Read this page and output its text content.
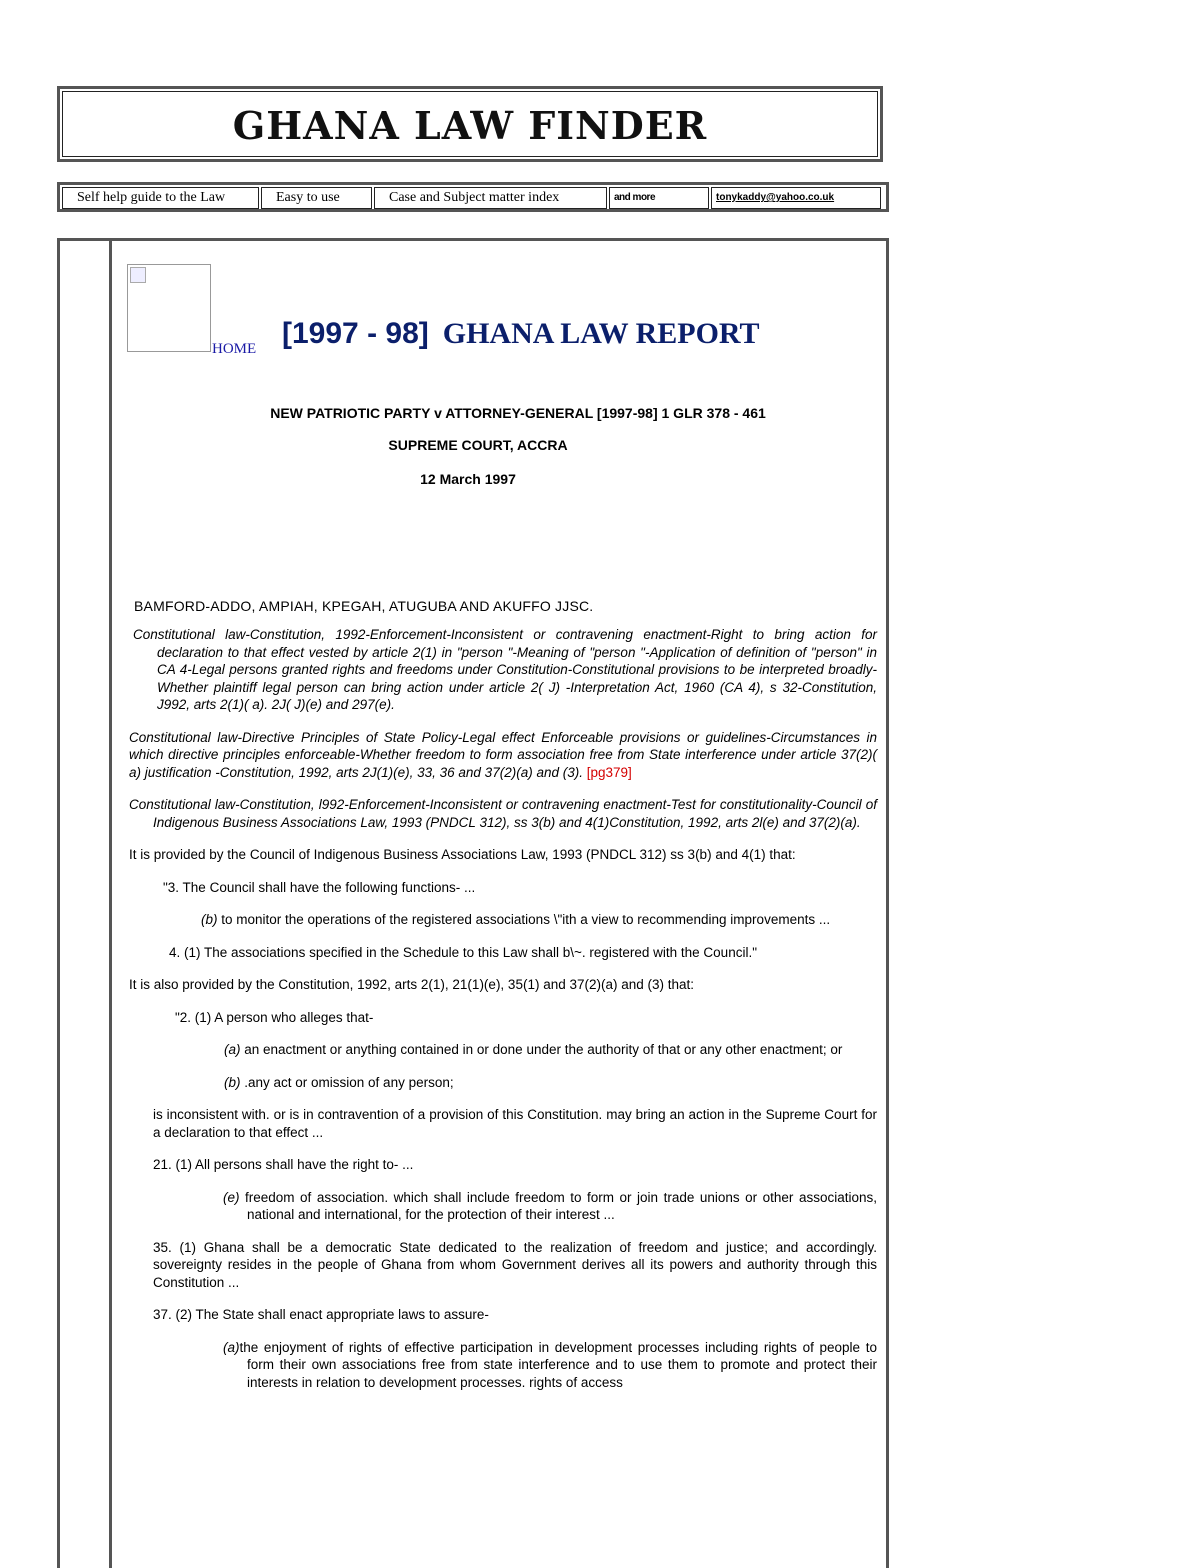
GHANA LAW FINDER
Self help guide to the Law	Easy to use	Case and Subject matter index	and more	tonykaddy@yahoo.co.uk
HOME [1997 - 98] GHANA LAW REPORT
NEW PATRIOTIC PARTY v ATTORNEY-GENERAL [1997-98] 1 GLR 378 - 461
SUPREME COURT, ACCRA
12 March 1997
BAMFORD-ADDO, AMPIAH, KPEGAH, ATUGUBA AND AKUFFO JJSC.

Constitutional law-Constitution, 1992-Enforcement-Inconsistent or contravening enactment-Right to bring action for declaration to that effect vested by article 2(1) in "person "-Meaning of "person "-Application of definition of "person" in CA 4-Legal persons granted rights and freedoms under Constitution-Constitutional provisions to be interpreted broadly- Whether plaintiff legal person can bring action under article 2( J) -Interpretation Act, 1960 (CA 4), s 32-Constitution, J992, arts 2(1)( a). 2J( J)(e) and 297(e).

Constitutional law-Directive Principles of State Policy-Legal effect Enforceable provisions or guidelines-Circumstances in which directive principles enforceable-Whether freedom to form association free from State interference under article 37(2)( a) justification -Constitution, 1992, arts 2J(1)(e), 33, 36 and 37(2)(a) and (3). [pg379]

Constitutional law-Constitution, l992-Enforcement-Inconsistent or contravening enactment-Test for constitutionality-Council of Indigenous Business Associations Law, 1993 (PNDCL 312), ss 3(b) and 4(1)Constitution, 1992, arts 2l(e) and 37(2)(a).

It is provided by the Council of Indigenous Business Associations Law, 1993 (PNDCL 312) ss 3(b) and 4(1) that:

"3. The Council shall have the following functions- ...

(b) to monitor the operations of the registered associations \"ith a view to recommending improvements ...

4. (1) The associations specified in the Schedule to this Law shall b\~. registered with the Council."

It is also provided by the Constitution, 1992, arts 2(1), 21(1)(e), 35(1) and 37(2)(a) and (3) that:

"2. (1) A person who alleges that-

(a) an enactment or anything contained in or done under the authority of that or any other enactment; or

(b) .any act or omission of any person;

is inconsistent with. or is in contravention of a provision of this Constitution. may bring an action in the Supreme Court for a declaration to that effect ...

21. (1) All persons shall have the right to- ...

(e) freedom of association. which shall include freedom to form or join trade unions or other associations, national and international, for the protection of their interest ...

35. (1) Ghana shall be a democratic State dedicated to the realization of freedom and justice; and accordingly. sovereignty resides in the people of Ghana from whom Government derives all its powers and authority through this Constitution ...

37. (2) The State shall enact appropriate laws to assure-

(a)the enjoyment of rights of effective participation in development processes including rights of people to form their own associations free from state interference and to use them to promote and protect their interests in relation to development processes. rights of access
